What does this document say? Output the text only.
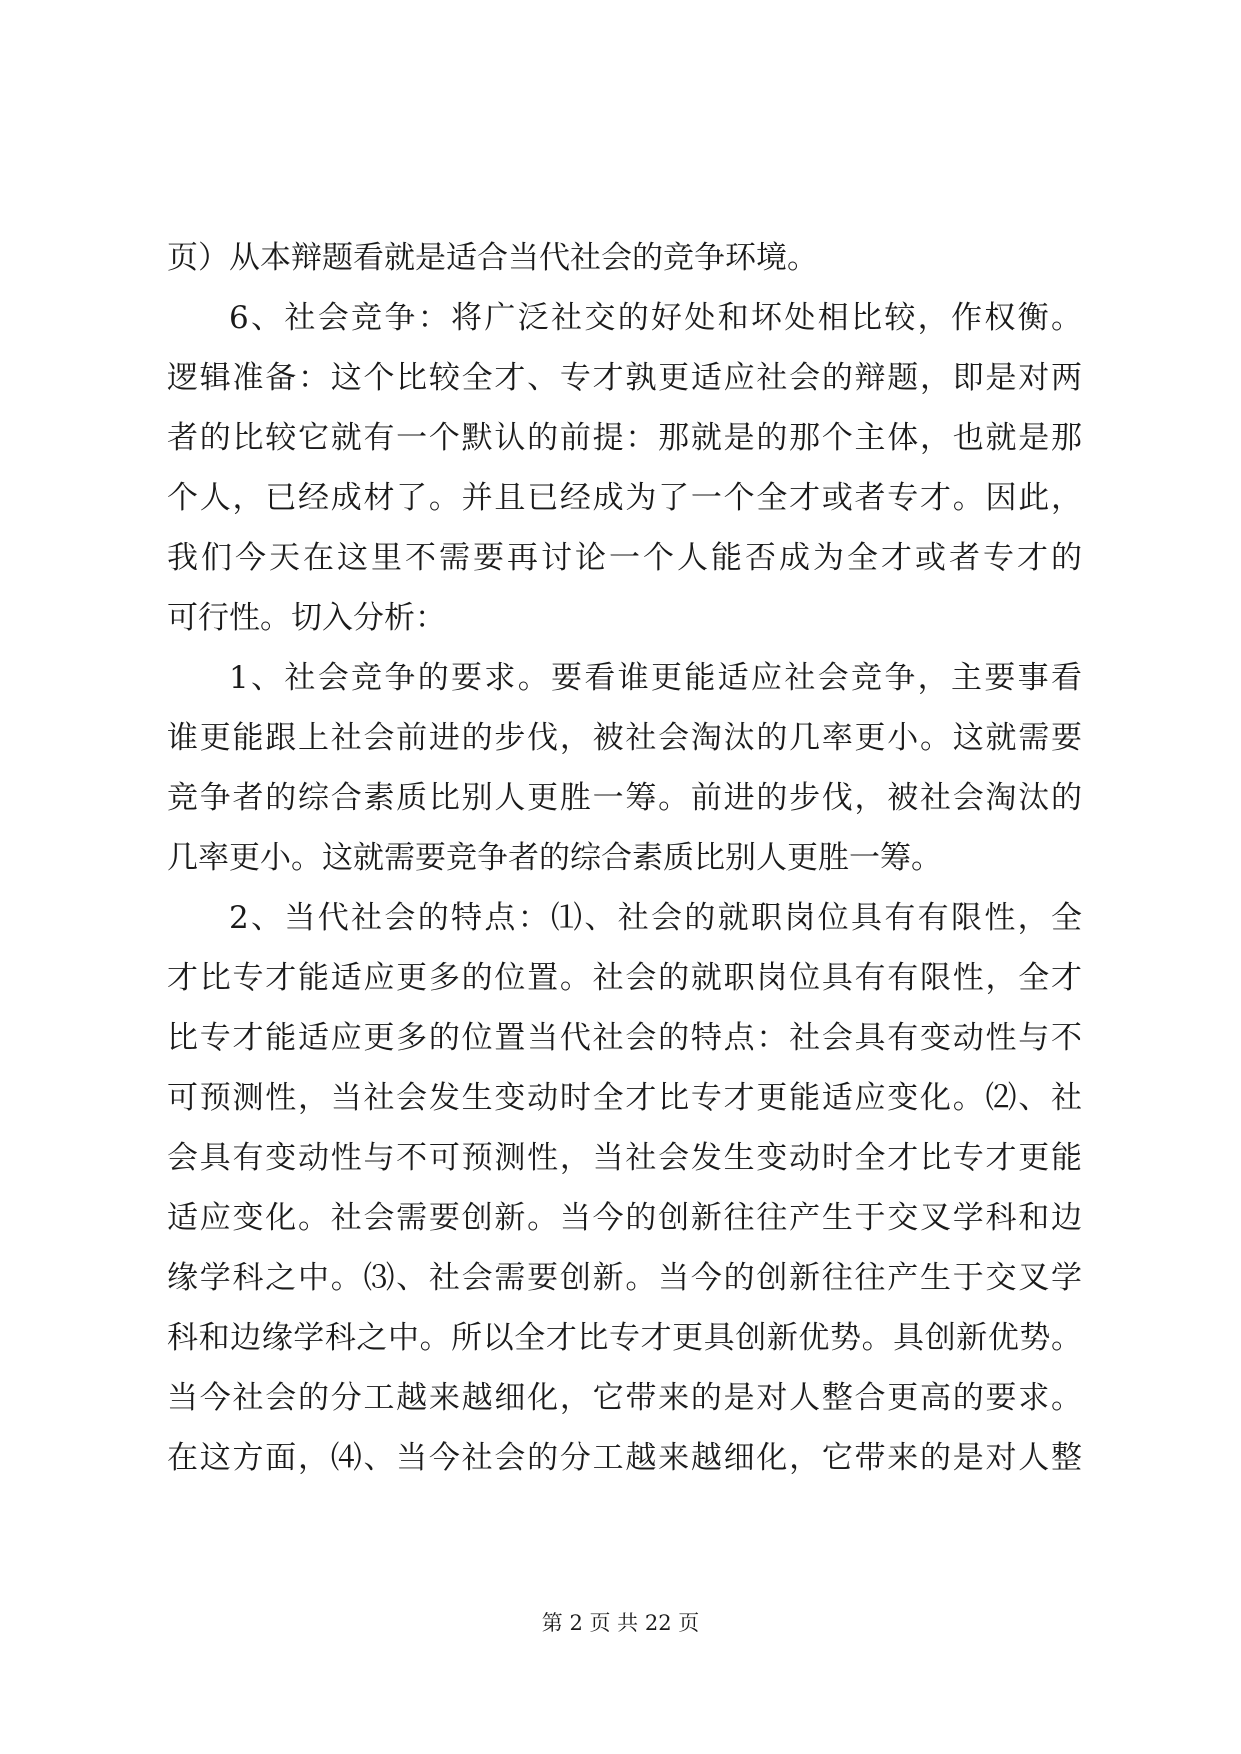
页）从本辩题看就是适合当代社会的竞争环境。
6、社会竞争：将广泛社交的好处和坏处相比较，作权衡。
逻辑准备：这个比较全才、专才孰更适应社会的辩题，即是对两
者的比较它就有一个默认的前提：那就是的那个主体，也就是那
个人，已经成材了。并且已经成为了一个全才或者专才。因此，
我们今天在这里不需要再讨论一个人能否成为全才或者专才的
可行性。切入分析：
1、社会竞争的要求。要看谁更能适应社会竞争，主要事看
谁更能跟上社会前进的步伐，被社会淘汰的几率更小。这就需要
竞争者的综合素质比别人更胜一筹。前进的步伐，被社会淘汰的
几率更小。这就需要竞争者的综合素质比别人更胜一筹。
2、当代社会的特点：⑴、社会的就职岗位具有有限性，全
才比专才能适应更多的位置。社会的就职岗位具有有限性，全才
比专才能适应更多的位置当代社会的特点：社会具有变动性与不
可预测性，当社会发生变动时全才比专才更能适应变化。⑵、社
会具有变动性与不可预测性，当社会发生变动时全才比专才更能
适应变化。社会需要创新。当今的创新往往产生于交叉学科和边
缘学科之中。⑶、社会需要创新。当今的创新往往产生于交叉学
科和边缘学科之中。所以全才比专才更具创新优势。具创新优势。
当今社会的分工越来越细化，它带来的是对人整合更高的要求。
在这方面，⑷、当今社会的分工越来越细化，它带来的是对人整
第 2 页 共 22 页
